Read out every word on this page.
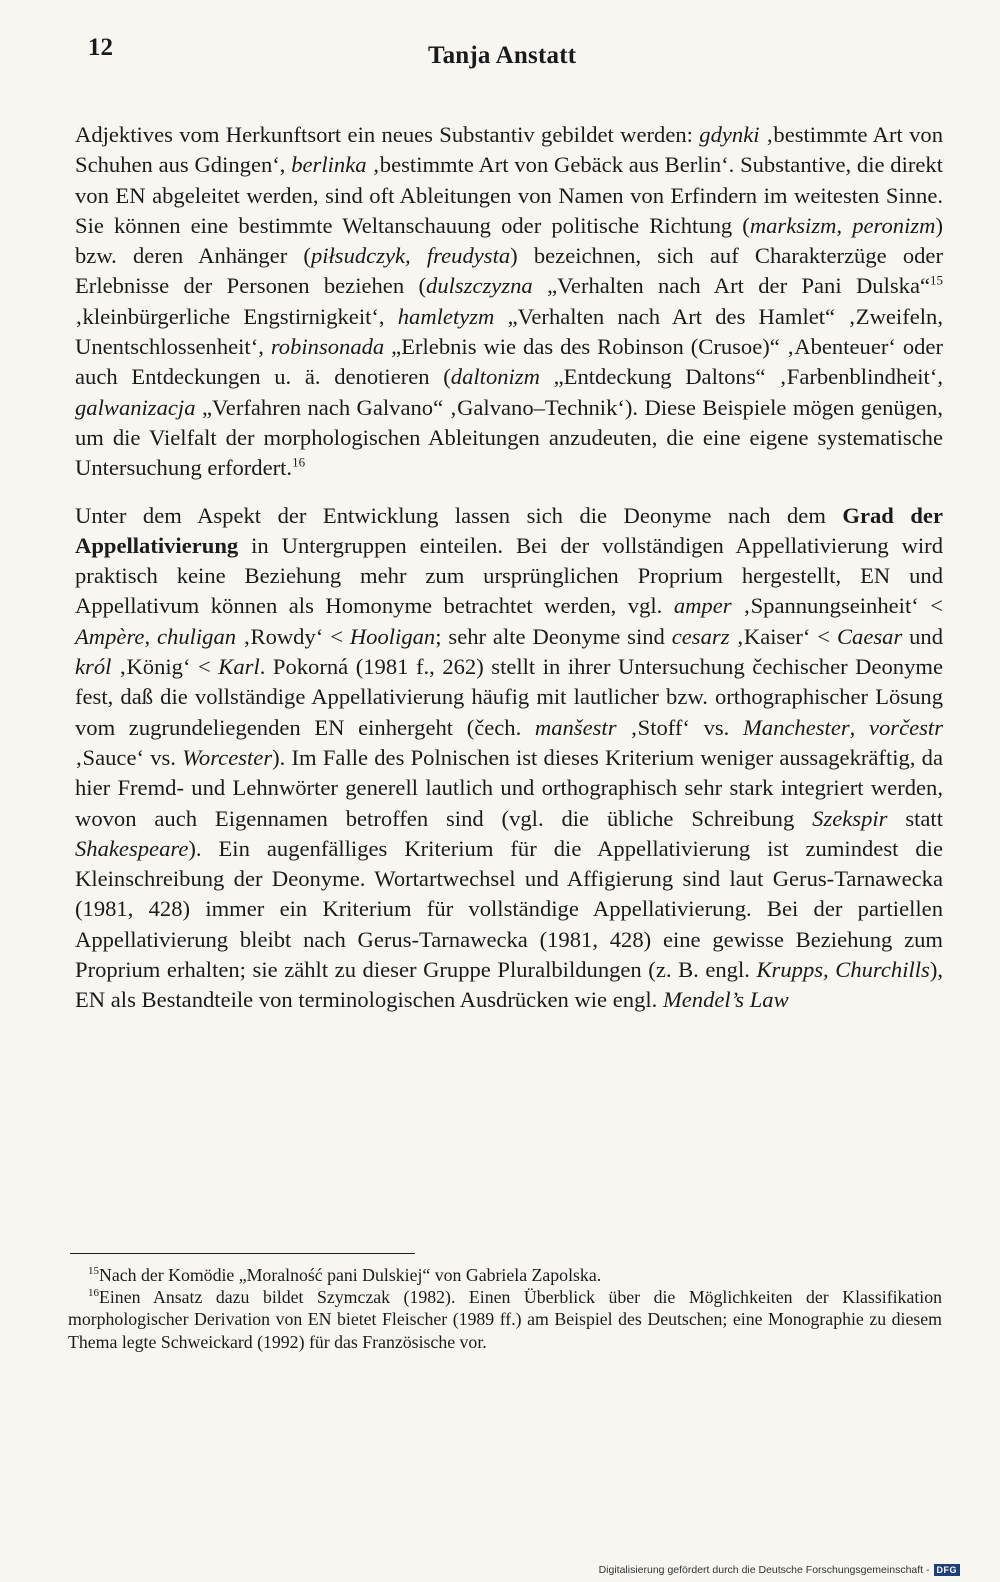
12	Tanja Anstatt

Adjektives vom Herkunftsort ein neues Substantiv gebildet werden: gdynki ‚bestimmte Art von Schuhen aus Gdingen‘, berlinka ‚bestimmte Art von Gebäck aus Berlin‘. Substantive, die direkt von EN abgeleitet werden, sind oft Ableitungen von Namen von Erfindern im weitesten Sinne. Sie können eine bestimmte Weltanschauung oder politische Richtung (marksizm, peronizm) bzw. deren Anhänger (piłsudczyk, freudysta) bezeichnen, sich auf Charakterzüge oder Erlebnisse der Personen beziehen (dulszczyzna „Verhalten nach Art der Pani Dulska“$^{15}$ ‚kleinbürgerliche Engstirnigkeit‘, hamletyzm „Verhalten nach Art des Hamlet“ ‚Zweifeln, Unentschlossenheit‘, robinsonada „Erlebnis wie das des Robinson (Crusoe)“ ‚Abenteuer‘ oder auch Entdeckungen u. ä. denotieren (daltonizm „Entdeckung Daltons“ ‚Farbenblindheit‘, galwanizacja „Verfahren nach Galvano“ ‚Galvano–Technik‘). Diese Beispiele mögen genügen, um die Vielfalt der morphologischen Ableitungen anzudeuten, die eine eigene systematische Untersuchung erfordert.$^{16}$

Unter dem Aspekt der Entwicklung lassen sich die Deonyme nach dem Grad der Appellativierung in Untergruppen einteilen. Bei der vollständigen Appellativierung wird praktisch keine Beziehung mehr zum ursprünglichen Proprium hergestellt, EN und Appellativum können als Homonyme betrachtet werden, vgl. amper ‚Spannungseinheit‘ < Ampère, chuligan ‚Rowdy‘ < Hooligan; sehr alte Deonyme sind cesarz ‚Kaiser‘ < Caesar und król ‚König‘ < Karl. Pokorná (1981 f., 262) stellt in ihrer Untersuchung čechischer Deonyme fest, daß die vollständige Appellativierung häufig mit lautlicher bzw. orthographischer Lösung vom zugrundeliegenden EN einhergeht (čech. manšestr ‚Stoff‘ vs. Manchester, vorčestr ‚Sauce‘ vs. Worcester). Im Falle des Polnischen ist dieses Kriterium weniger aussagekräftig, da hier Fremd- und Lehnwörter generell lautlich und orthographisch sehr stark integriert werden, wovon auch Eigennamen betroffen sind (vgl. die übliche Schreibung Szekspir statt Shakespeare). Ein augenfälliges Kriterium für die Appellativierung ist zumindest die Kleinschreibung der Deonyme. Wortartwechsel und Affigierung sind laut Gerus-Tarnawecka (1981, 428) immer ein Kriterium für vollständige Appellativierung. Bei der partiellen Appellativierung bleibt nach Gerus-Tarnawecka (1981, 428) eine gewisse Beziehung zum Proprium erhalten; sie zählt zu dieser Gruppe Pluralbildungen (z. B. engl. Krupps, Churchills), EN als Bestandteile von terminologischen Ausdrücken wie engl. Mendel’s Law

$^{15}$Nach der Komödie „Moralność pani Dulskiej“ von Gabriela Zapolska.

$^{16}$Einen Ansatz dazu bildet Szymczak (1982). Einen Überblick über die Möglichkeiten der Klassifikation morphologischer Derivation von EN bietet Fleischer (1989 ff.) am Beispiel des Deutschen; eine Monographie zu diesem Thema legte Schweickard (1992) für das Französische vor.

Digitalisierung gefördert durch die Deutsche Forschungsgemeinschaft - DFG
